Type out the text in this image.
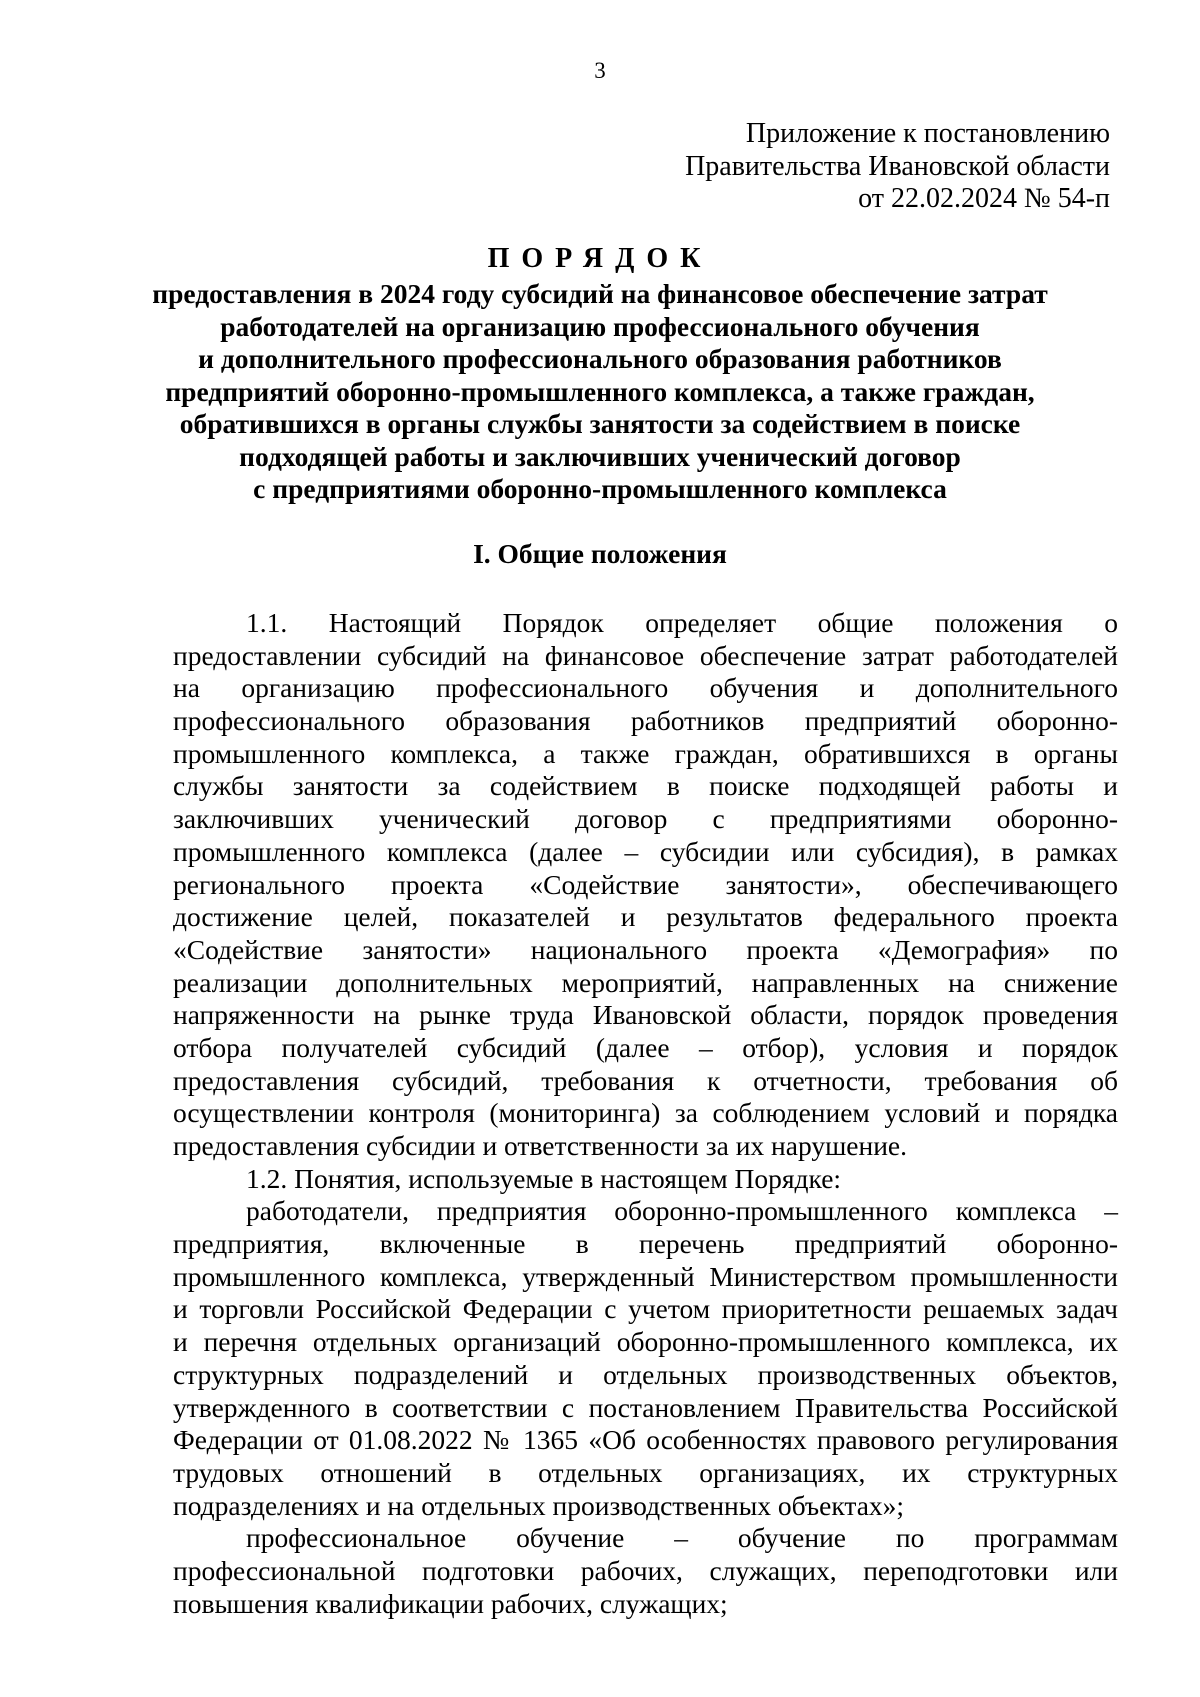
3
Приложение к постановлению
Правительства Ивановской области
от 22.02.2024 № 54-п
ПОРЯДОК
предоставления в 2024 году субсидий на финансовое обеспечение затрат
работодателей на организацию профессионального обучения
и дополнительного профессионального образования работников
предприятий оборонно-промышленного комплекса, а также граждан,
обратившихся в органы службы занятости за содействием в поиске
подходящей работы и заключивших ученический договор
с предприятиями оборонно-промышленного комплекса
I. Общие положения
1.1. Настоящий Порядок определяет общие положения о
предоставлении субсидий на финансовое обеспечение затрат работодателей
на организацию профессионального обучения и дополнительного
профессионального образования работников предприятий оборонно-
промышленного комплекса, а также граждан, обратившихся в органы
службы занятости за содействием в поиске подходящей работы и
заключивших ученический договор с предприятиями оборонно-
промышленного комплекса (далее – субсидии или субсидия), в рамках
регионального проекта «Содействие занятости», обеспечивающего
достижение целей, показателей и результатов федерального проекта
«Содействие занятости» национального проекта «Демография» по
реализации дополнительных мероприятий, направленных на снижение
напряженности на рынке труда Ивановской области, порядок проведения
отбора получателей субсидий (далее – отбор), условия и порядок
предоставления субсидий, требования к отчетности, требования об
осуществлении контроля (мониторинга) за соблюдением условий и порядка
предоставления субсидии и ответственности за их нарушение.
1.2. Понятия, используемые в настоящем Порядке:
работодатели, предприятия оборонно-промышленного комплекса –
предприятия, включенные в перечень предприятий оборонно-
промышленного комплекса, утвержденный Министерством промышленности
и торговли Российской Федерации с учетом приоритетности решаемых задач
и перечня отдельных организаций оборонно-промышленного комплекса, их
структурных подразделений и отдельных производственных объектов,
утвержденного в соответствии с постановлением Правительства Российской
Федерации от 01.08.2022 № 1365 «Об особенностях правового регулирования
трудовых отношений в отдельных организациях, их структурных
подразделениях и на отдельных производственных объектах»;
профессиональное обучение – обучение по программам
профессиональной подготовки рабочих, служащих, переподготовки или
повышения квалификации рабочих, служащих;
